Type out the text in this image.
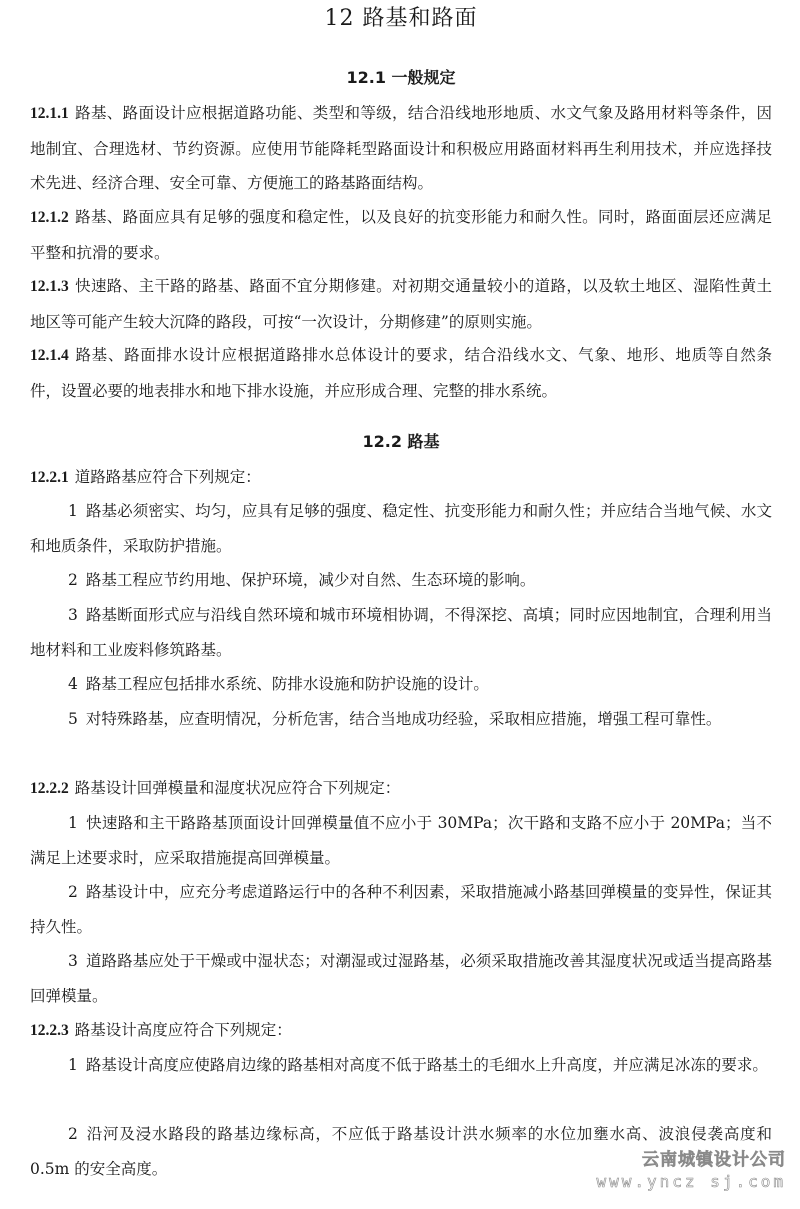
12 路基和路面
12.1 一般规定

12.1.1 路基、路面设计应根据道路功能、类型和等级，结合沿线地形地质、水文气象及路用材料等条件，因地制宜、合理选材、节约资源。应使用节能降耗型路面设计和积极应用路面材料再生利用技术，并应选择技术先进、经济合理、安全可靠、方便施工的路基路面结构。

12.1.2 路基、路面应具有足够的强度和稳定性，以及良好的抗变形能力和耐久性。同时，路面面层还应满足平整和抗滑的要求。

12.1.3 快速路、主干路的路基、路面不宜分期修建。对初期交通量较小的道路，以及软土地区、湿陷性黄土地区等可能产生较大沉降的路段，可按“一次设计，分期修建”的原则实施。

12.1.4 路基、路面排水设计应根据道路排水总体设计的要求，结合沿线水文、气象、地形、地质等自然条件，设置必要的地表排水和地下排水设施，并应形成合理、完整的排水系统。

12.2 路基

12.2.1 道路路基应符合下列规定：

1 路基必须密实、均匀，应具有足够的强度、稳定性、抗变形能力和耐久性；并应结合当地气候、水文和地质条件，采取防护措施。

2 路基工程应节约用地、保护环境，减少对自然、生态环境的影响。

3 路基断面形式应与沿线自然环境和城市环境相协调，不得深挖、高填；同时应因地制宜，合理利用当地材料和工业废料修筑路基。

4 路基工程应包括排水系统、防排水设施和防护设施的设计。

5 对特殊路基，应查明情况，分析危害，结合当地成功经验，采取相应措施，增强工程可靠性。

12.2.2 路基设计回弹模量和湿度状况应符合下列规定：

1 快速路和主干路路基顶面设计回弹模量值不应小于 30MPa；次干路和支路不应小于 20MPa；当不满足上述要求时，应采取措施提高回弹模量。

2 路基设计中，应充分考虑道路运行中的各种不利因素，采取措施减小路基回弹模量的变异性，保证其持久性。

3 道路路基应处于干燥或中湿状态；对潮湿或过湿路基，必须采取措施改善其湿度状况或适当提高路基回弹模量。

12.2.3 路基设计高度应符合下列规定：

1 路基设计高度应使路肩边缘的路基相对高度不低于路基土的毛细水上升高度，并应满足冰冻的要求。

2 沿河及浸水路段的路基边缘标高，不应低于路基设计洪水频率的水位加壅水高、波浪侵袭高度和 0.5m 的安全高度。	云南城镇设计公司
www.yncz sj.com
